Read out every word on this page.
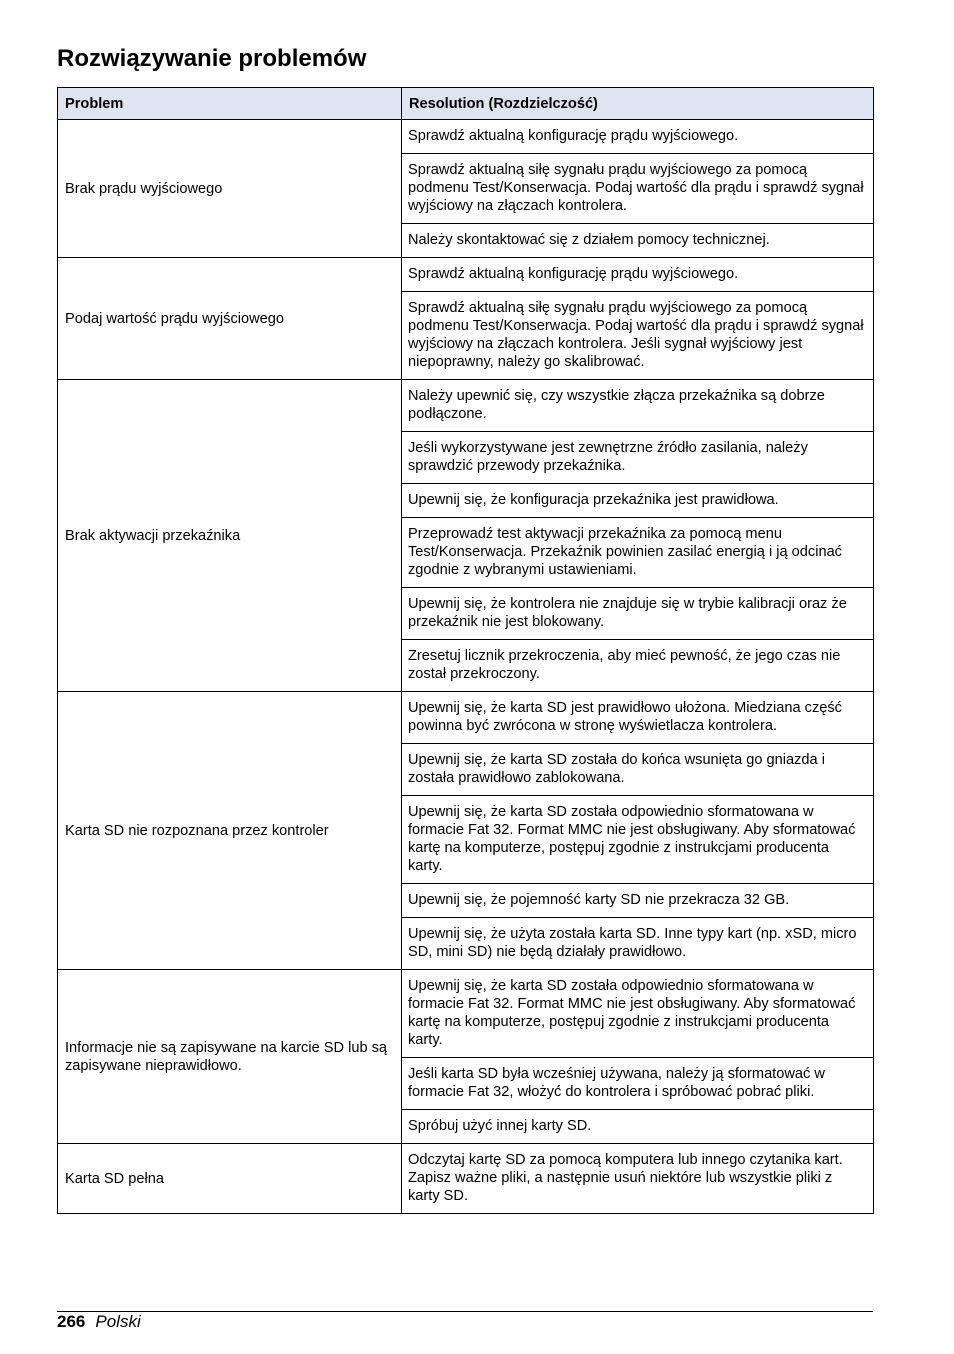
Rozwiązywanie problemów
Problem	Resolution (Rozdzielczość)
Brak prądu wyjściowego	Sprawdź aktualną konfigurację prądu wyjściowego.
	Sprawdź aktualną siłę sygnału prądu wyjściowego za pomocą podmenu Test/Konserwacja. Podaj wartość dla prądu i sprawdź sygnał wyjściowy na złączach kontrolera.
	Należy skontaktować się z działem pomocy technicznej.
Podaj wartość prądu wyjściowego	Sprawdź aktualną konfigurację prądu wyjściowego.
	Sprawdź aktualną siłę sygnału prądu wyjściowego za pomocą podmenu Test/Konserwacja. Podaj wartość dla prądu i sprawdź sygnał wyjściowy na złączach kontrolera. Jeśli sygnał wyjściowy jest niepoprawny, należy go skalibrować.
Brak aktywacji przekaźnika	Należy upewnić się, czy wszystkie złącza przekaźnika są dobrze podłączone.
	Jeśli wykorzystywane jest zewnętrzne źródło zasilania, należy sprawdzić przewody przekaźnika.
	Upewnij się, że konfiguracja przekaźnika jest prawidłowa.
	Przeprowadź test aktywacji przekaźnika za pomocą menu Test/Konserwacja. Przekaźnik powinien zasilać energią i ją odcinać zgodnie z wybranymi ustawieniami.
	Upewnij się, że kontrolera nie znajduje się w trybie kalibracji oraz że przekaźnik nie jest blokowany.
	Zresetuj licznik przekroczenia, aby mieć pewność, że jego czas nie został przekroczony.
Karta SD nie rozpoznana przez kontroler	Upewnij się, że karta SD jest prawidłowo ułożona. Miedziana część powinna być zwrócona w stronę wyświetlacza kontrolera.
	Upewnij się, że karta SD została do końca wsunięta go gniazda i została prawidłowo zablokowana.
	Upewnij się, że karta SD została odpowiednio sformatowana w formacie Fat 32. Format MMC nie jest obsługiwany. Aby sformatować kartę na komputerze, postępuj zgodnie z instrukcjami producenta karty.
	Upewnij się, że pojemność karty SD nie przekracza 32 GB.
	Upewnij się, że użyta została karta SD. Inne typy kart (np. xSD, micro SD, mini SD) nie będą działały prawidłowo.
Informacje nie są zapisywane na karcie SD lub są zapisywane nieprawidłowo.	Upewnij się, że karta SD została odpowiednio sformatowana w formacie Fat 32. Format MMC nie jest obsługiwany. Aby sformatować kartę na komputerze, postępuj zgodnie z instrukcjami producenta karty.
	Jeśli karta SD była wcześniej używana, należy ją sformatować w formacie Fat 32, włożyć do kontrolera i spróbować pobrać pliki.
	Spróbuj użyć innej karty SD.
Karta SD pełna	Odczytaj kartę SD za pomocą komputera lub innego czytanika kart. Zapisz ważne pliki, a następnie usuń niektóre lub wszystkie pliki z karty SD.
266 Polski
